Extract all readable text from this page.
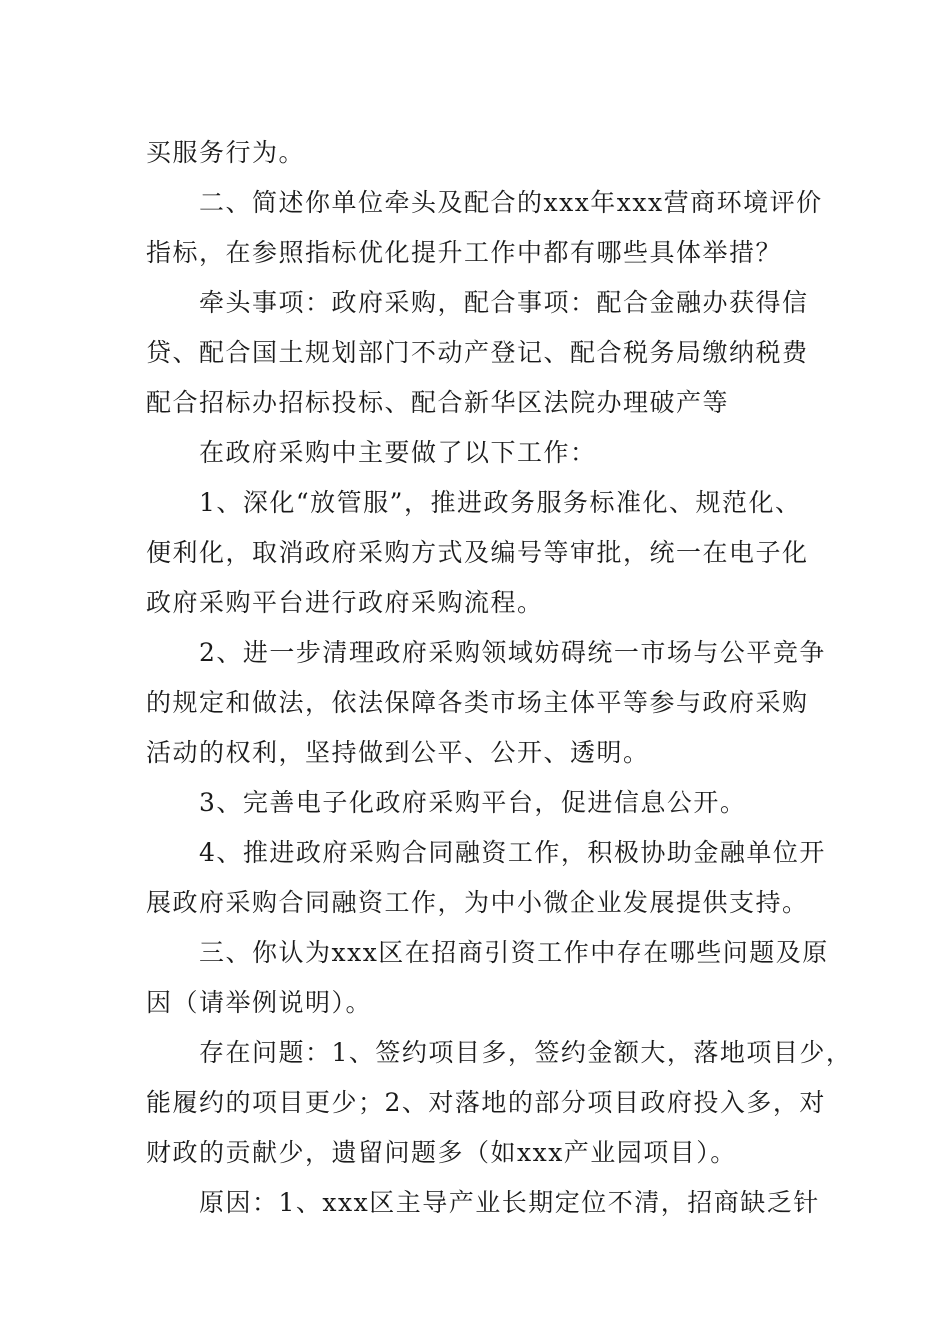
买服务行为。
　　二、简述你单位牵头及配合的xxx年xxx营商环境评价
指标，在参照指标优化提升工作中都有哪些具体举措？
　　牵头事项：政府采购，配合事项：配合金融办获得信
贷、配合国土规划部门不动产登记、配合税务局缴纳税费
配合招标办招标投标、配合新华区法院办理破产等
　　在政府采购中主要做了以下工作：
　　1、深化“放管服”，推进政务服务标准化、规范化、
便利化，取消政府采购方式及编号等审批，统一在电子化
政府采购平台进行政府采购流程。
　　2、进一步清理政府采购领域妨碍统一市场与公平竞争
的规定和做法，依法保障各类市场主体平等参与政府采购
活动的权利，坚持做到公平、公开、透明。
　　3、完善电子化政府采购平台，促进信息公开。
　　4、推进政府采购合同融资工作，积极协助金融单位开
展政府采购合同融资工作，为中小微企业发展提供支持。
　　三、你认为xxx区在招商引资工作中存在哪些问题及原
因（请举例说明）。
　　存在问题：1、签约项目多，签约金额大，落地项目少，
能履约的项目更少；2、对落地的部分项目政府投入多，对
财政的贡献少，遗留问题多（如xxx产业园项目）。
　　原因：1、xxx区主导产业长期定位不清，招商缺乏针
